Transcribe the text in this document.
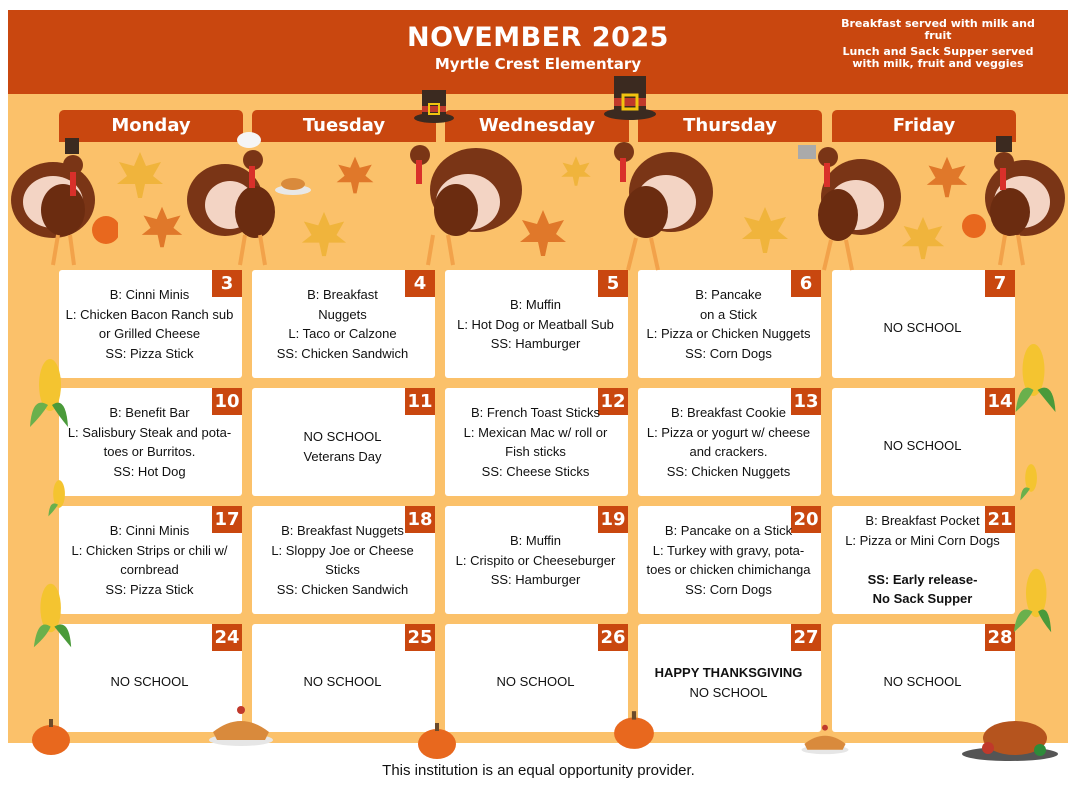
NOVEMBER 2025
Myrtle Crest Elementary
Breakfast served with milk and fruit
Lunch and Sack Supper served with milk, fruit and veggies
Monday	Tuesday	Wednesday	Thursday	Friday
3
B: Cinni Minis
L: Chicken Bacon Ranch sub
or Grilled Cheese
SS: Pizza Stick
4
B: Breakfast
Nuggets
L: Taco or Calzone
SS: Chicken Sandwich
5
B: Muffin
L: Hot Dog or Meatball Sub
SS: Hamburger
6
B: Pancake
on a Stick
L: Pizza or Chicken Nuggets
SS: Corn Dogs
7
NO SCHOOL
10
B: Benefit Bar
L: Salisbury Steak and pota-
toes or Burritos.
SS: Hot Dog
11
NO SCHOOL
Veterans Day
12
B: French Toast Sticks
L: Mexican Mac w/ roll or
Fish sticks
SS: Cheese Sticks
13
B: Breakfast Cookie
L: Pizza or yogurt w/ cheese
and crackers.
SS: Chicken Nuggets
14
NO SCHOOL
17
B: Cinni Minis
L: Chicken Strips or chili w/
cornbread
SS: Pizza Stick
18
B: Breakfast Nuggets
L: Sloppy Joe or Cheese
Sticks
SS: Chicken Sandwich
19
B: Muffin
L: Crispito or Cheeseburger
SS: Hamburger
20
B: Pancake on a Stick
L: Turkey with gravy, pota-
toes or chicken chimichanga
SS: Corn Dogs
21
B: Breakfast Pocket
L: Pizza or Mini Corn Dogs
SS: Early release-
No Sack Supper
24
NO SCHOOL
25
NO SCHOOL
26
NO SCHOOL
27
HAPPY THANKSGIVING
NO SCHOOL
28
NO SCHOOL
This institution is an equal opportunity provider.
